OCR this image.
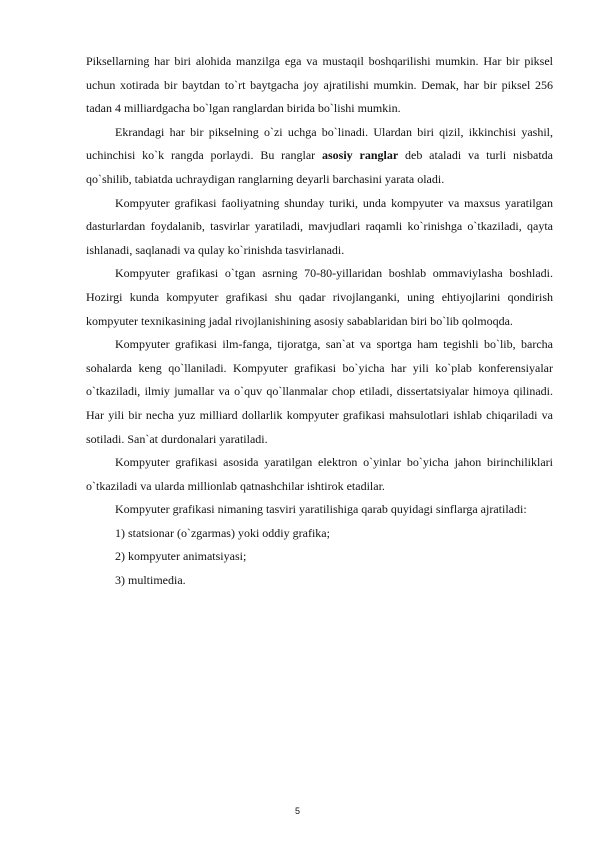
Piksellarning har biri alohida manzilga ega va mustaqil boshqarilishi mumkin. Har bir piksel uchun xotirada bir baytdan to`rt baytgacha joy ajratilishi mumkin. Demak, har bir piksel 256 tadan 4 milliardgacha bo`lgan ranglardan birida bo`lishi mumkin.

Ekrandagi har bir pikselning o`zi uchga bo`linadi. Ulardan biri qizil, ikkinchisi yashil, uchinchisi ko`k rangda porlaydi. Bu ranglar asosiy ranglar deb ataladi va turli nisbatda qo`shilib, tabiatda uchraydigan ranglarning deyarli barchasini yarata oladi.

Kompyuter grafikasi faoliyatning shunday turiki, unda kompyuter va maxsus yaratilgan dasturlardan foydalanib, tasvirlar yaratiladi, mavjudlari raqamli ko`rinishga o`tkaziladi, qayta ishlanadi, saqlanadi va qulay ko`rinishda tasvirlanadi.

Kompyuter grafikasi o`tgan asrning 70-80-yillaridan boshlab ommaviylasha boshladi. Hozirgi kunda kompyuter grafikasi shu qadar rivojlanganki, uning ehtiyojlarini qondirish kompyuter texnikasining jadal rivojlanishining asosiy sabablaridan biri bo`lib qolmoqda.

Kompyuter grafikasi ilm-fanga, tijoratga, san`at va sportga ham tegishli bo`lib, barcha sohalarda keng qo`llaniladi. Kompyuter grafikasi bo`yicha har yili ko`plab konferensiyalar o`tkaziladi, ilmiy jumallar va o`quv qo`llanmalar chop etiladi, dissertatsiyalar himoya qilinadi. Har yili bir necha yuz milliard dollarlik kompyuter grafikasi mahsulotlari ishlab chiqariladi va sotiladi. San`at durdonalari yaratiladi.

Kompyuter grafikasi asosida yaratilgan elektron o`yinlar bo`yicha jahon birinchiliklari o`tkaziladi va ularda millionlab qatnashchilar ishtirok etadilar.

Kompyuter grafikasi nimaning tasviri yaratilishiga qarab quyidagi sinflarga ajratiladi:

1) statsionar (o`zgarmas) yoki oddiy grafika;

2) kompyuter animatsiyasi;

3) multimedia.

5
